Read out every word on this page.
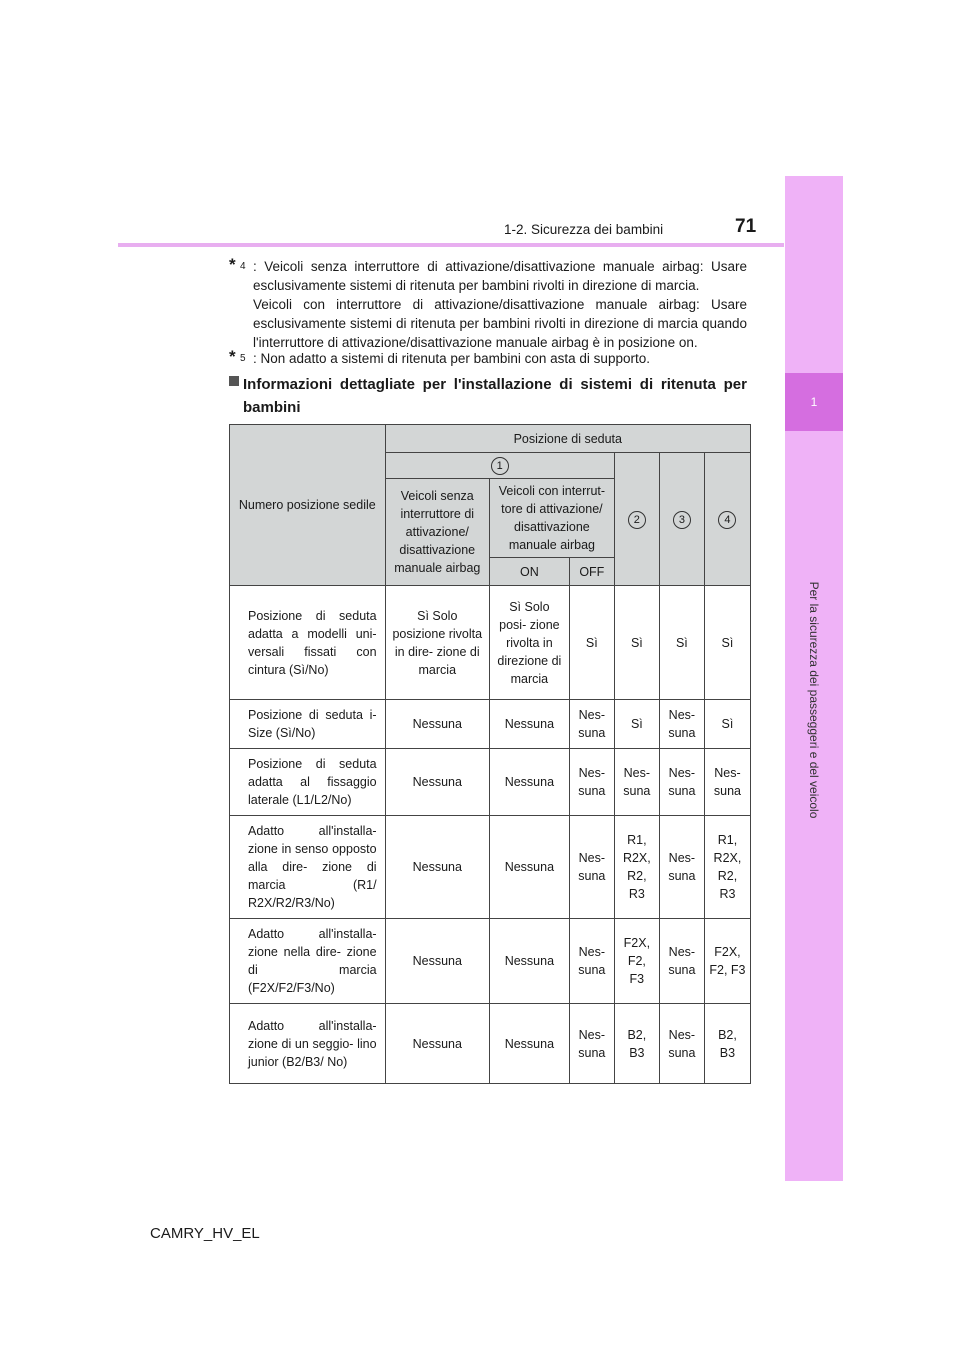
1
Per la sicurezza dei passeggeri e del veicolo
1-2. Sicurezza dei bambini	71
* 4 : Veicoli senza interruttore di attivazione/disattivazione manuale airbag: Usare esclusivamente sistemi di ritenuta per bambini rivolti in direzione di marcia.

Veicoli con interruttore di attivazione/disattivazione manuale airbag: Usare esclusivamente sistemi di ritenuta per bambini rivolti in direzione di marcia quando l'interruttore di attivazione/disattivazione manuale airbag è in posizione on.

* 5 : Non adatto a sistemi di ritenuta per bambini con asta di supporto.

Informazioni dettagliate per l'installazione di sistemi di ritenuta per bambini

Numero posizione sedile	Posizione di seduta					
	1			2	3	4
	Veicoli senza interruttore di attivazione/ disattivazione manuale airbag	Veicoli con interrut- tore di attivazione/ disattivazione manuale airbag				
		ON	OFF			
Posizione di seduta adatta a modelli uni- versali fissati con cintura (Sì/No)	Sì Solo posizione rivolta in dire- zione di marcia	Sì Solo posi- zione rivolta in direzione di marcia	Sì	Sì	Sì	Sì
Posizione di seduta i-Size (Sì/No)	Nessuna	Nessuna	Nes- suna	Sì	Nes- suna	Sì
Posizione di seduta adatta al fissaggio laterale (L1/L2/No)	Nessuna	Nessuna	Nes- suna	Nes- suna	Nes- suna	Nes- suna
Adatto all'installa- zione in senso opposto alla dire- zione di marcia (R1/ R2X/R2/R3/No)	Nessuna	Nessuna	Nes- suna	R1, R2X, R2, R3	Nes- suna	R1, R2X, R2, R3
Adatto all'installa- zione nella dire- zione di marcia (F2X/F2/F3/No)	Nessuna	Nessuna	Nes- suna	F2X, F2, F3	Nes- suna	F2X, F2, F3
Adatto all'installa- zione di un seggio- lino junior (B2/B3/ No)	Nessuna	Nessuna	Nes- suna	B2, B3	Nes- suna	B2, B3
CAMRY_HV_EL
